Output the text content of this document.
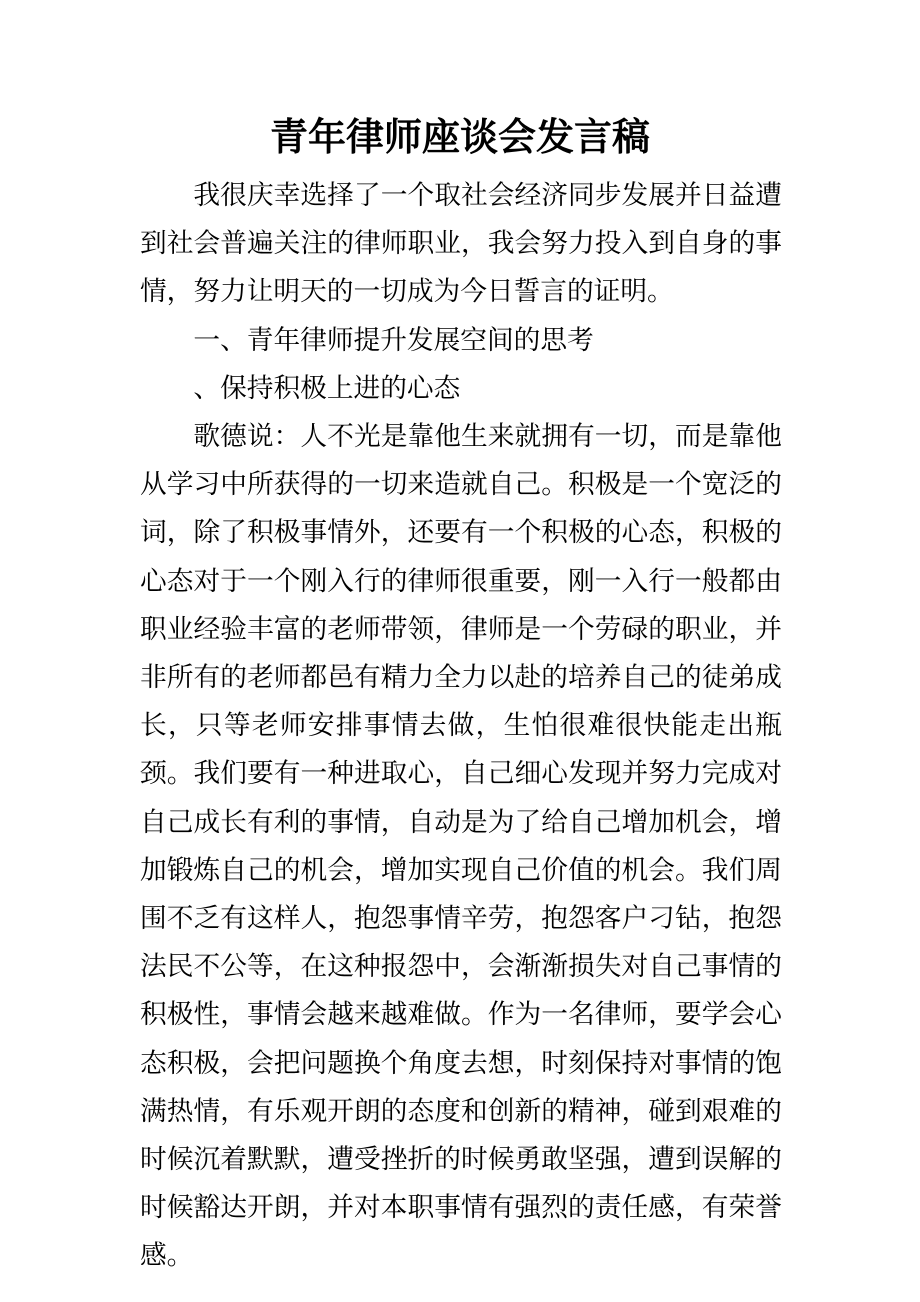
青年律师座谈会发言稿

我很庆幸选择了一个取社会经济同步发展并日益遭到社会普遍关注的律师职业，我会努力投入到自身的事情，努力让明天的一切成为今日誓言的证明。

一、青年律师提升发展空间的思考

、保持积极上进的心态

歌德说：人不光是靠他生来就拥有一切，而是靠他从学习中所获得的一切来造就自己。积极是一个宽泛的词，除了积极事情外，还要有一个积极的心态，积极的心态对于一个刚入行的律师很重要，刚一入行一般都由职业经验丰富的老师带领，律师是一个劳碌的职业，并非所有的老师都邑有精力全力以赴的培养自己的徒弟成长，只等老师安排事情去做，生怕很难很快能走出瓶颈。我们要有一种进取心，自己细心发现并努力完成对自己成长有利的事情，自动是为了给自己增加机会，增加锻炼自己的机会，增加实现自己价值的机会。我们周围不乏有这样人，抱怨事情辛劳，抱怨客户刁钻，抱怨法民不公等，在这种报怨中，会渐渐损失对自己事情的积极性，事情会越来越难做。作为一名律师，要学会心态积极，会把问题换个角度去想，时刻保持对事情的饱满热情，有乐观开朗的态度和创新的精神，碰到艰难的时候沉着默默，遭受挫折的时候勇敢坚强，遭到误解的时候豁达开朗，并对本职事情有强烈的责任感，有荣誉感。
